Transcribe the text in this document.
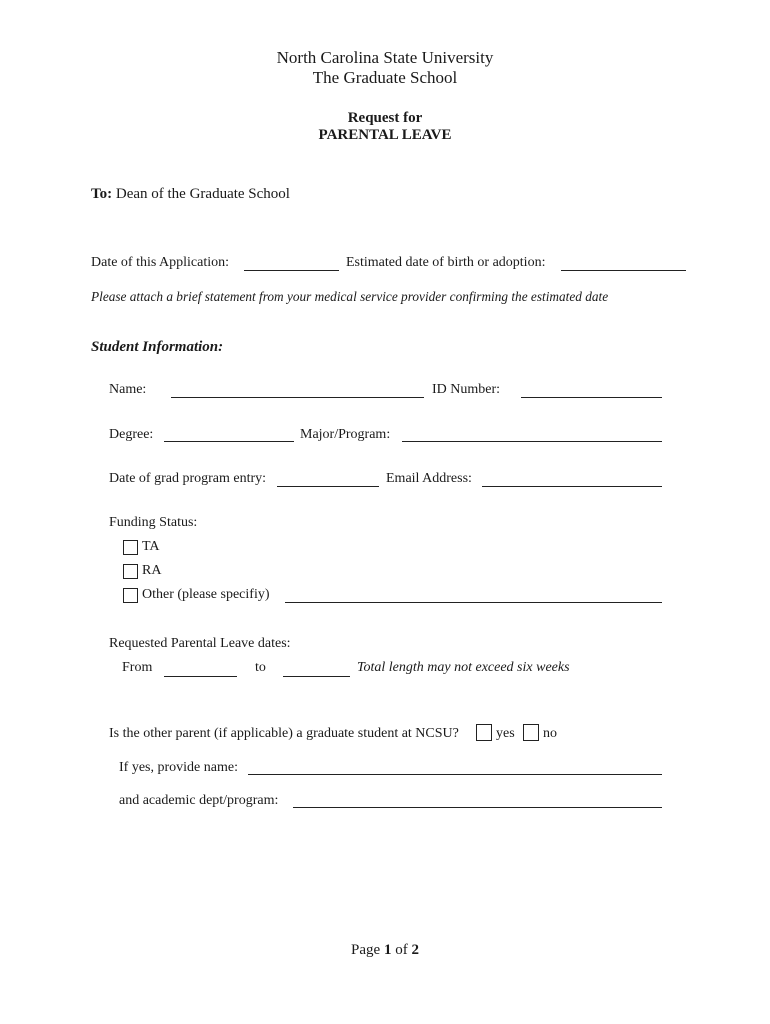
North Carolina State University
The Graduate School
Request for
PARENTAL LEAVE
To: Dean of the Graduate School
Date of this Application:	Estimated date of birth or adoption:
Please attach a brief statement from your medical service provider confirming the estimated date
Student Information:
Name:	ID Number:
Degree:	Major/Program:
Date of grad program entry:	Email Address:
Funding Status:
TA
RA
Other (please specifiy)
Requested Parental Leave dates:
From	to	Total length may not exceed six weeks
Is the other parent (if applicable) a graduate student at NCSU?	yes no
If yes, provide name:
and academic dept/program:
Page 1 of 2
